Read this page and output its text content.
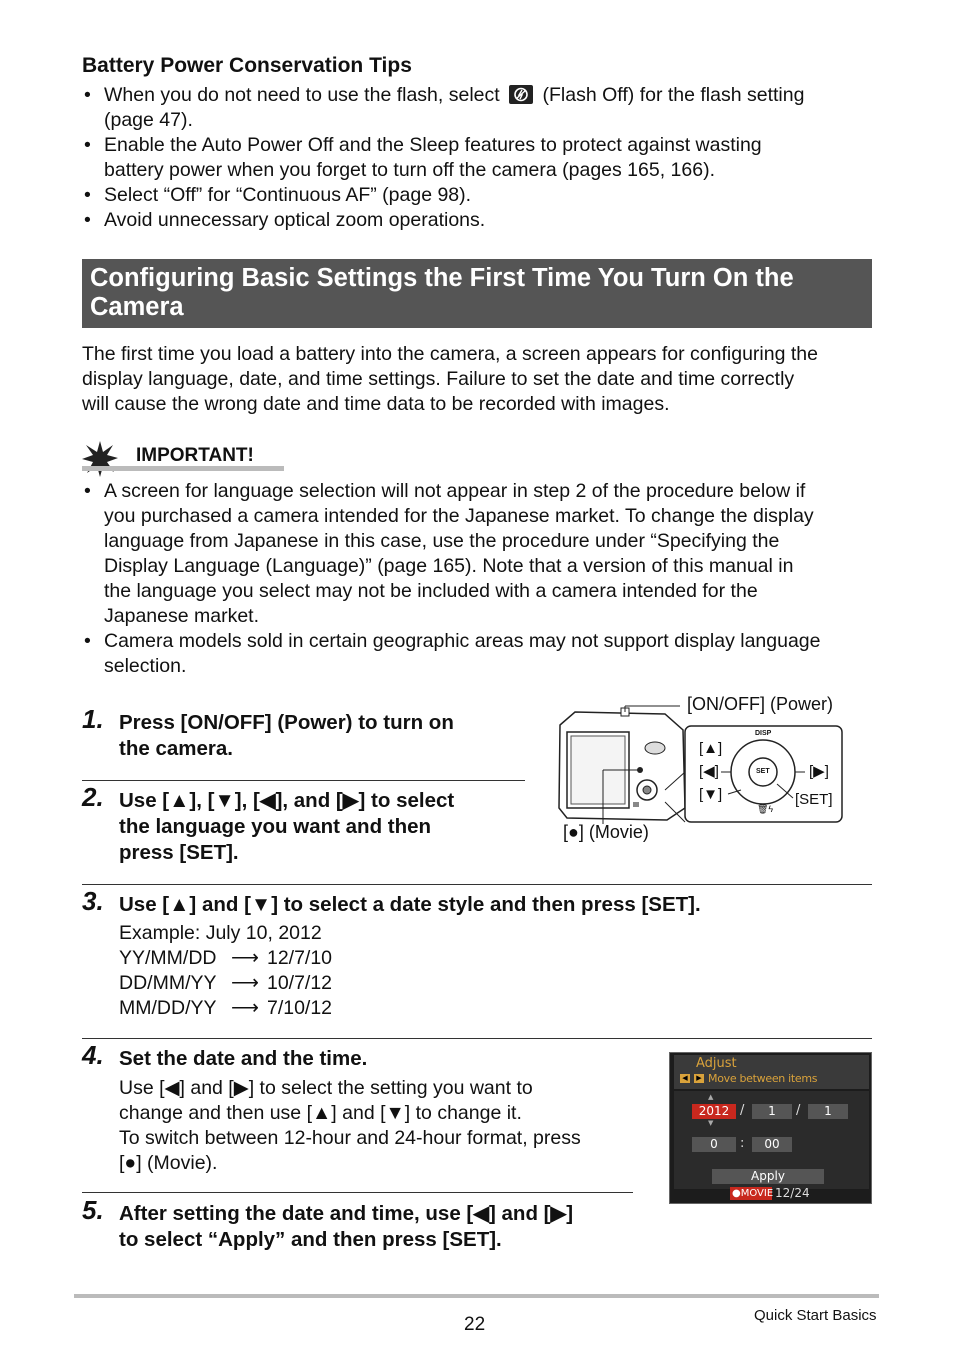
Battery Power Conservation Tips
• When you do not need to use the flash, select (Flash Off) for the flash setting
(page 47).
• Enable the Auto Power Off and the Sleep features to protect against wasting
battery power when you forget to turn off the camera (pages 165, 166).
• Select “Off” for “Continuous AF” (page 98).
• Avoid unnecessary optical zoom operations.
Configuring Basic Settings the First Time You Turn On the
Camera
The first time you load a battery into the camera, a screen appears for configuring the
display language, date, and time settings. Failure to set the date and time correctly
will cause the wrong date and time data to be recorded with images.
IMPORTANT!
• A screen for language selection will not appear in step 2 of the procedure below if
you purchased a camera intended for the Japanese market. To change the display
language from Japanese in this case, use the procedure under “Specifying the
Display Language (Language)” (page 165). Note that a version of this manual in
the language you select may not be included with a camera intended for the
Japanese market.
• Camera models sold in certain geographic areas may not support display language
selection.
1. Press [ON/OFF] (Power) to turn on
the camera.
2. Use [▲], [▼], [◀], and [▶] to select
the language you want and then
press [SET].
[ON/OFF] (Power)
[●] (Movie)
[▲]
[◀]
[▼]
[▶]
[SET]
DISP
SET
🗑ϟ
3. Use [▲] and [▼] to select a date style and then press [SET].
Example: July 10, 2012
YY/MM/DD ⟶ 12/7/10
DD/MM/YY ⟶ 10/7/12
MM/DD/YY ⟶ 7/10/12
4. Set the date and the time.
Use [◀] and [▶] to select the setting you want to
change and then use [▲] and [▼] to change it.
To switch between 12-hour and 24-hour format, press
[●] (Movie).
Adjust
◀	▶ Move between items
▲
2012
▼
/	1	/	1
0	:	00
Apply
●MOVIE 12/24
5. After setting the date and time, use [◀] and [▶]
to select “Apply” and then press [SET].
22	Quick Start Basics
